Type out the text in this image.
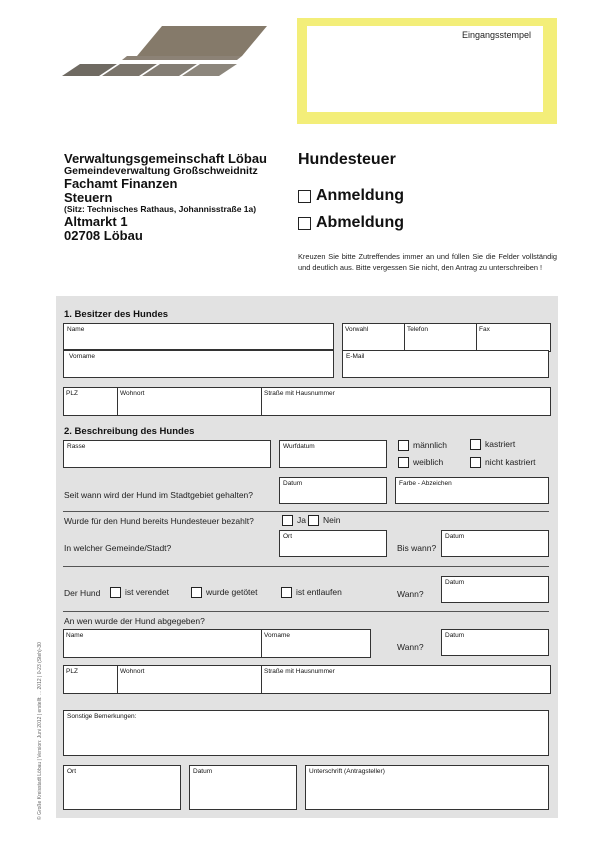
Eingangsstempel
Verwaltungsgemeinschaft Löbau
Gemeindeverwaltung Großschweidnitz
Fachamt Finanzen
Steuern
(Sitz: Technisches Rathaus, Johannisstraße 1a)
Altmarkt 1
02708 Löbau
Hundesteuer
Anmeldung
Abmeldung
Kreuzen Sie bitte Zutreffendes immer an und füllen Sie die Felder vollständig und deutlich aus. Bitte vergessen Sie nicht, den Antrag zu unterschreiben !
1. Besitzer des Hundes
Name	Vorwahl	Telefon	Fax
Vorname	E-Mail
PLZ	Wohnort	Straße mit Hausnummer
2. Beschreibung des Hundes
Rasse	Wurfdatum	männlich
weiblich
kastriert
nicht kastriert
Seit wann wird der Hund im Stadtgebiet gehalten?
Datum	Farbe - Abzeichen
Wurde für den Hund bereits Hundesteuer bezahlt?	Ja	Nein
In welcher Gemeinde/Stadt?
Ort
Bis wann?
Datum
Der Hund	ist verendet	wurde getötet	ist entlaufen	Wann?
Datum
An wen wurde der Hund abgegeben?
Name	Vorname
Wann?
Datum
PLZ	Wohnort	Straße mit Hausnummer
Sonstige Bemerkungen:
Ort	Datum	Unterschrift (Antragsteller)
© Große Kreisstadt Löbau | Version: Juni 2012 | erstellt: ... 2012 | 0-23 (Steh)-30
